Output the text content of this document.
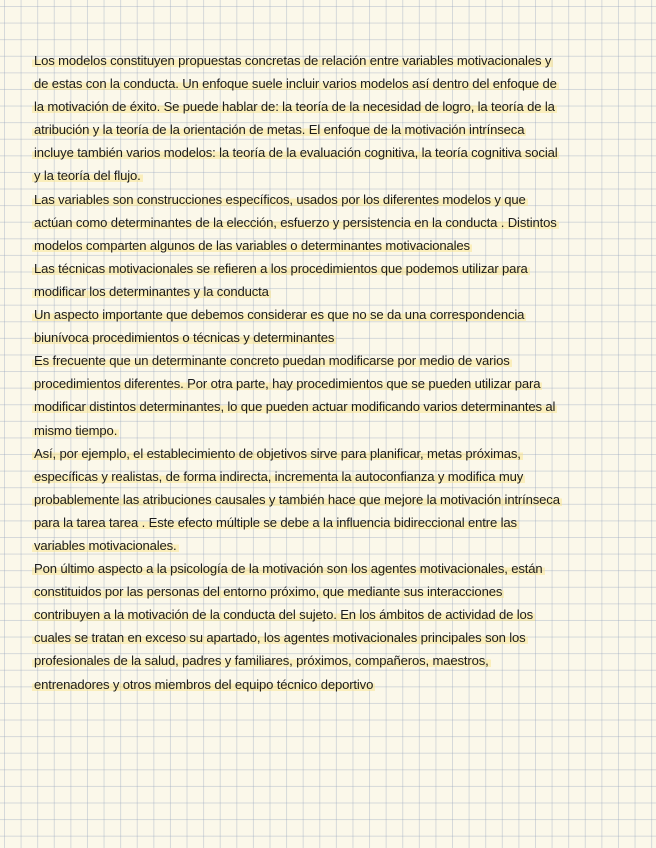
Los modelos constituyen propuestas concretas de relación entre variables motivacionales y
de estas con la conducta. Un enfoque suele incluir varios modelos así dentro del enfoque de
la motivación de éxito. Se puede hablar de: la teoría de la necesidad de logro, la teoría de la
atribución y la teoría de la orientación de metas. El enfoque de la motivación intrínseca
incluye también varios modelos: la teoría de la evaluación cognitiva, la teoría cognitiva social
y la teoría del flujo.
Las variables son construcciones específicos, usados por los diferentes modelos y que
actúan como determinantes de la elección, esfuerzo y persistencia en la conducta . Distintos
modelos comparten algunos de las variables o determinantes motivacionales
Las técnicas motivacionales se refieren a los procedimientos que podemos utilizar para
modificar los determinantes y la conducta
Un aspecto importante que debemos considerar es que no se da una correspondencia
biunívoca procedimientos o técnicas y determinantes
Es frecuente que un determinante concreto puedan modificarse por medio de varios
procedimientos diferentes. Por otra parte, hay procedimientos que se pueden utilizar para
modificar distintos determinantes, lo que pueden actuar modificando varios determinantes al
mismo tiempo.
Así, por ejemplo, el establecimiento de objetivos sirve para planificar, metas próximas,
específicas y realistas, de forma indirecta, incrementa la autoconfianza y modifica muy
probablemente las atribuciones causales y también hace que mejore la motivación intrínseca
para la tarea tarea . Este efecto múltiple se debe a la influencia bidireccional entre las
variables motivacionales.
Pon último aspecto a la psicología de la motivación son los agentes motivacionales, están
constituidos por las personas del entorno próximo, que mediante sus interacciones
contribuyen a la motivación de la conducta del sujeto. En los ámbitos de actividad de los
cuales se tratan en exceso su apartado, los agentes motivacionales principales son los
profesionales de la salud, padres y familiares, próximos, compañeros, maestros,
entrenadores y otros miembros del equipo técnico deportivo
